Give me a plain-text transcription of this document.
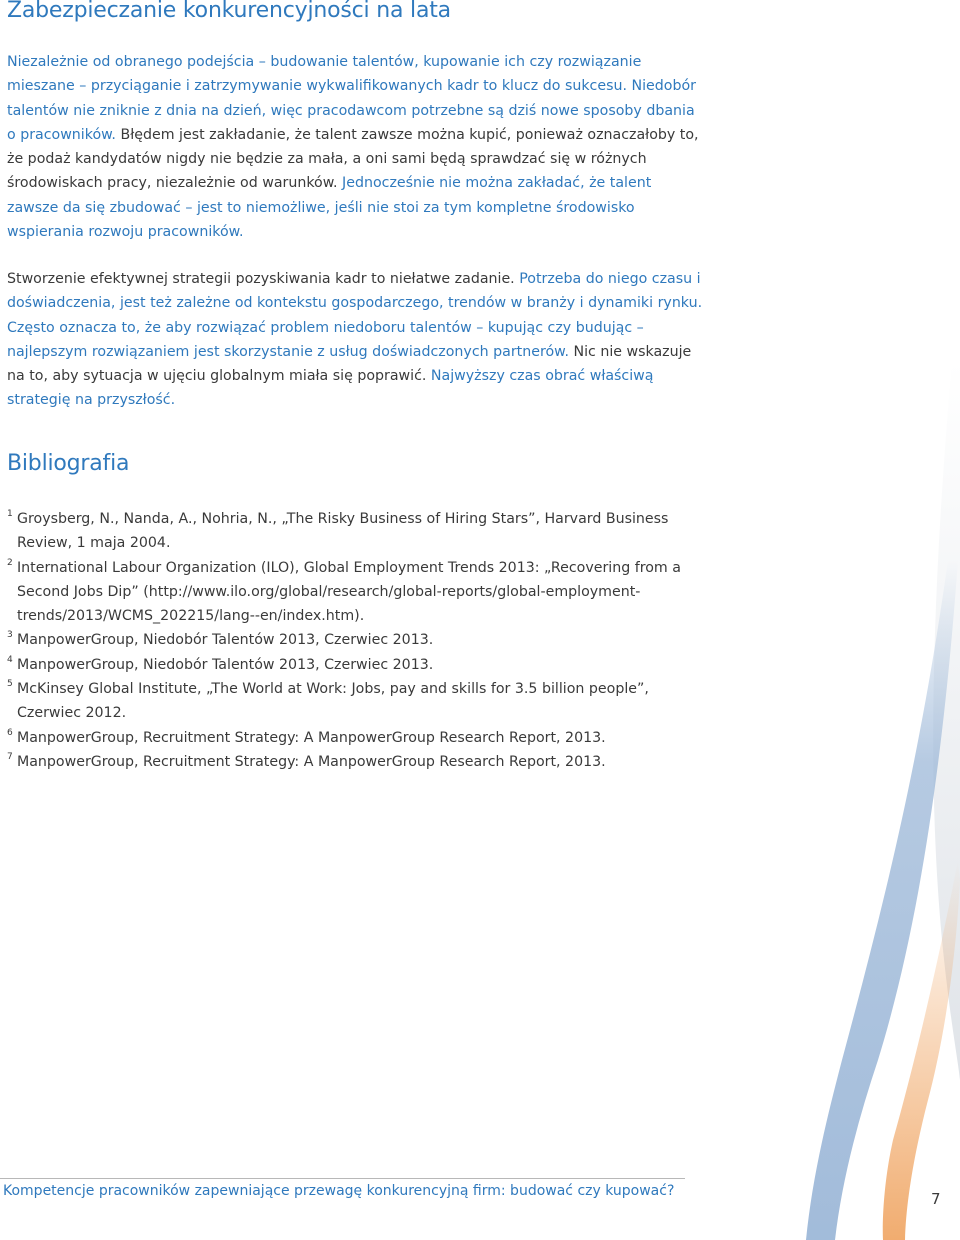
Zabezpieczanie konkurencyjności na lata

Niezależnie od obranego podejścia – budowanie talentów, kupowanie ich czy rozwiązanie mieszane – przyciąganie i zatrzymywanie wykwalifikowanych kadr to klucz do sukcesu. Niedobór talentów nie zniknie z dnia na dzień, więc pracodawcom potrzebne są dziś nowe sposoby dbania o pracowników. Błędem jest zakładanie, że talent zawsze można kupić, ponieważ oznaczałoby to, że podaż kandydatów nigdy nie będzie za mała, a oni sami będą sprawdzać się w różnych środowiskach pracy, niezależnie od warunków. Jednocześnie nie można zakładać, że talent zawsze da się zbudować – jest to niemożliwe, jeśli nie stoi za tym kompletne środowisko wspierania rozwoju pracowników.

Stworzenie efektywnej strategii pozyskiwania kadr to niełatwe zadanie. Potrzeba do niego czasu i doświadczenia, jest też zależne od kontekstu gospodarczego, trendów w branży i dynamiki rynku. Często oznacza to, że aby rozwiązać problem niedoboru talentów – kupując czy budując – najlepszym rozwiązaniem jest skorzystanie z usług doświadczonych partnerów. Nic nie wskazuje na to, aby sytuacja w ujęciu globalnym miała się poprawić. Najwyższy czas obrać właściwą strategię na przyszłość.

Bibliografia
1 Groysberg, N., Nanda, A., Nohria, N., „The Risky Business of Hiring Stars”, Harvard Business Review, 1 maja 2004.
2 International Labour Organization (ILO), Global Employment Trends 2013: „Recovering from a Second Jobs Dip” (http://www.ilo.org/global/research/global-reports/global-employment-trends/2013/WCMS_202215/lang--en/index.htm).
3 ManpowerGroup, Niedobór Talentów 2013, Czerwiec 2013.
4 ManpowerGroup, Niedobór Talentów 2013, Czerwiec 2013.
5 McKinsey Global Institute, „The World at Work: Jobs, pay and skills for 3.5 billion people”, Czerwiec 2012.
6 ManpowerGroup, Recruitment Strategy: A ManpowerGroup Research Report, 2013.
7 ManpowerGroup, Recruitment Strategy: A ManpowerGroup Research Report, 2013.
Kompetencje pracowników zapewniające przewagę konkurencyjną firm: budować czy kupować?	7
